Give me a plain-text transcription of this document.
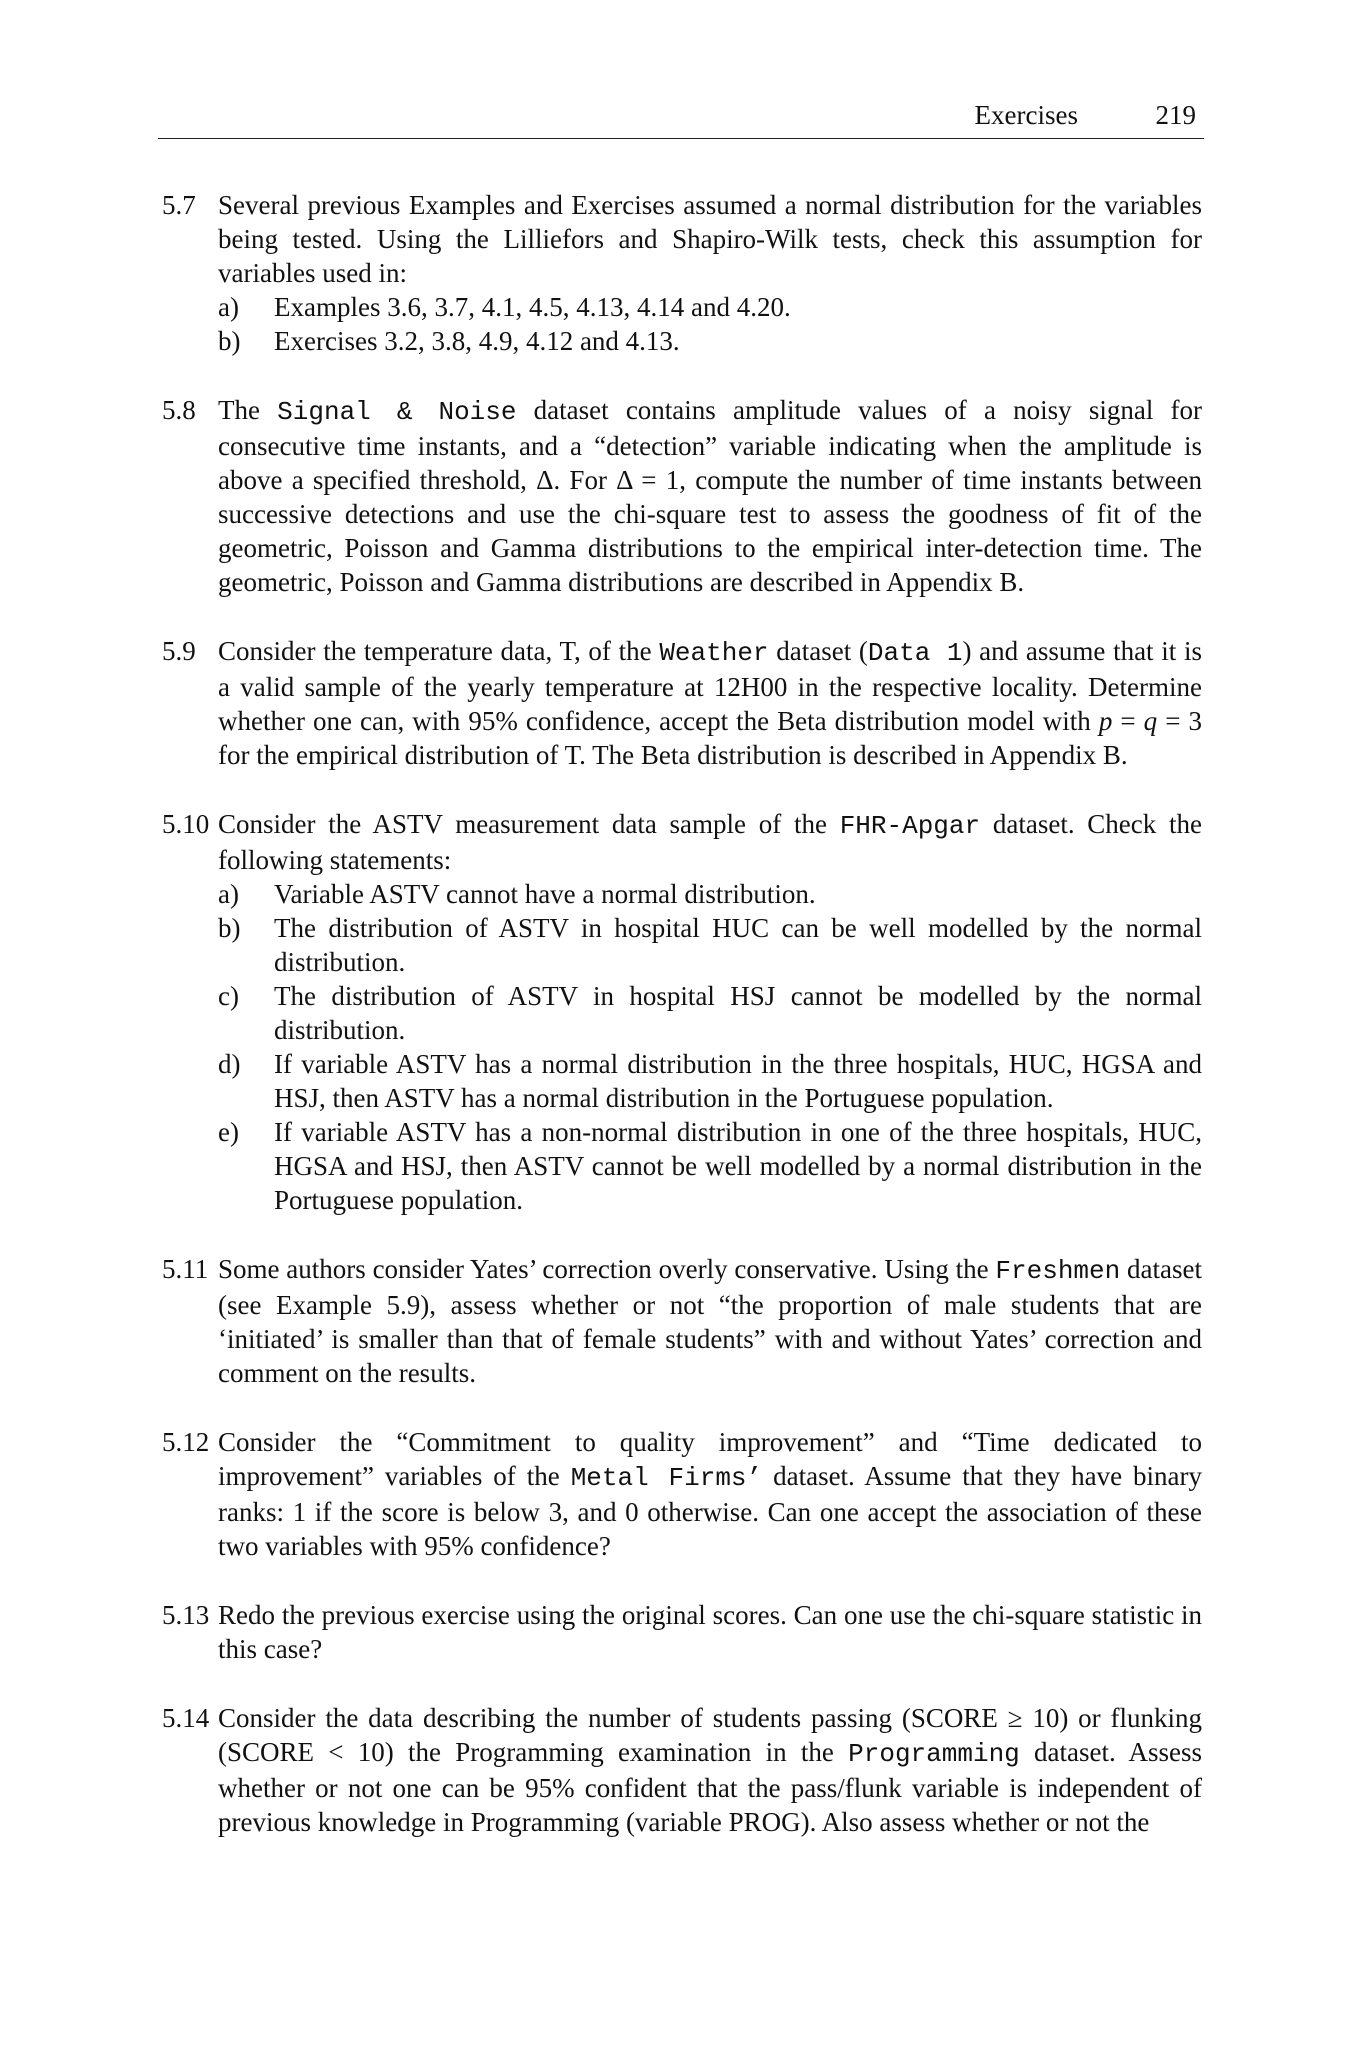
Exercises	219
5.7 Several previous Examples and Exercises assumed a normal distribution for the variables being tested. Using the Lilliefors and Shapiro-Wilk tests, check this assumption for variables used in:

a) Examples 3.6, 3.7, 4.1, 4.5, 4.13, 4.14 and 4.20.
b) Exercises 3.2, 3.8, 4.9, 4.12 and 4.13.
5.8 The Signal & Noise dataset contains amplitude values of a noisy signal for consecutive time instants, and a “detection” variable indicating when the amplitude is above a specified threshold, Δ. For Δ = 1, compute the number of time instants between successive detections and use the chi-square test to assess the goodness of fit of the geometric, Poisson and Gamma distributions to the empirical inter-detection time. The geometric, Poisson and Gamma distributions are described in Appendix B.

5.9 Consider the temperature data, T, of the Weather dataset (Data 1) and assume that it is a valid sample of the yearly temperature at 12H00 in the respective locality. Determine whether one can, with 95% confidence, accept the Beta distribution model with p = q = 3 for the empirical distribution of T. The Beta distribution is described in Appendix B.

5.10 Consider the ASTV measurement data sample of the FHR-Apgar dataset. Check the following statements:

a) Variable ASTV cannot have a normal distribution.
b) The distribution of ASTV in hospital HUC can be well modelled by the normal distribution.
c) The distribution of ASTV in hospital HSJ cannot be modelled by the normal distribution.
d) If variable ASTV has a normal distribution in the three hospitals, HUC, HGSA and HSJ, then ASTV has a normal distribution in the Portuguese population.
e) If variable ASTV has a non-normal distribution in one of the three hospitals, HUC, HGSA and HSJ, then ASTV cannot be well modelled by a normal distribution in the Portuguese population.
5.11 Some authors consider Yates’ correction overly conservative. Using the Freshmen dataset (see Example 5.9), assess whether or not “the proportion of male students that are ‘initiated’ is smaller than that of female students” with and without Yates’ correction and comment on the results.

5.12 Consider the “Commitment to quality improvement” and “Time dedicated to improvement” variables of the Metal Firms’ dataset. Assume that they have binary ranks: 1 if the score is below 3, and 0 otherwise. Can one accept the association of these two variables with 95% confidence?

5.13 Redo the previous exercise using the original scores. Can one use the chi-square statistic in this case?

5.14 Consider the data describing the number of students passing (SCORE ≥ 10) or flunking (SCORE < 10) the Programming examination in the Programming dataset. Assess whether or not one can be 95% confident that the pass/flunk variable is independent of previous knowledge in Programming (variable PROG). Also assess whether or not the
